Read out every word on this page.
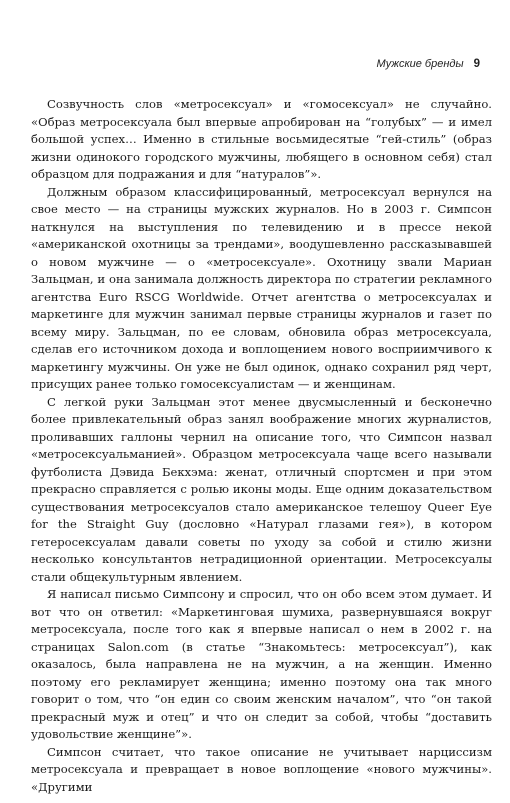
Мужские бренды 9

Созвучность слов «метросексуал» и «гомосексуал» не случайно. «Образ метросексуала был впервые апробирован на “голубых” — и имел большой успех… Именно в стильные восьмидесятые “гей-стиль” (образ жизни одинокого городского мужчины, любящего в основном себя) стал образцом для подражания и для “натуралов”».

Должным образом классифицированный, метросексуал вернулся на свое место — на страницы мужских журналов. Но в 2003 г. Симпсон наткнулся на выступления по телевидению и в прессе некой «американской охотницы за трендами», воодушевленно рассказывавшей о новом мужчине — о «метросексуале». Охотницу звали Мариан Зальцман, и она занимала должность директора по стратегии рекламного агентства Euro RSCG Worldwide. Отчет агентства о метросексуалах и маркетинге для мужчин занимал первые страницы журналов и газет по всему миру. Зальцман, по ее словам, обновила образ метросексуала, сделав его источником дохода и воплощением нового восприимчивого к маркетингу мужчины. Он уже не был одинок, однако сохранил ряд черт, присущих ранее только гомосексуалистам — и женщинам.

С легкой руки Зальцман этот менее двусмысленный и бесконечно более привлекательный образ занял воображение многих журналистов, проливавших галлоны чернил на описание того, что Симпсон назвал «метросексуальманией». Образцом метросексуала чаще всего называли футболиста Дэвида Бекхэма: женат, отличный спортсмен и при этом прекрасно справляется с ролью иконы моды. Еще одним доказательством существования метросексуалов стало американское телешоу Queer Eye for the Straight Guy (дословно «Натурал глазами гея»), в котором гетеросексуалам давали советы по уходу за собой и стилю жизни несколько консультантов нетрадиционной ориентации. Метросексуалы стали общекультурным явлением.

Я написал письмо Симпсону и спросил, что он обо всем этом думает. И вот что он ответил: «Маркетинговая шумиха, развернувшаяся вокруг метросексуала, после того как я впервые написал о нем в 2002 г. на страницах Salon.com (в статье “Знакомьтесь: метросексуал”), как оказалось, была направлена не на мужчин, а на женщин. Именно поэтому его рекламирует женщина; именно поэтому она так много говорит о том, что “он един со своим женским началом”, что “он такой прекрасный муж и отец” и что он следит за собой, чтобы “доставить удовольствие женщине”».

Симпсон считает, что такое описание не учитывает нарциссизм метросексуала и превращает в новое воплощение «нового мужчины». «Другими
